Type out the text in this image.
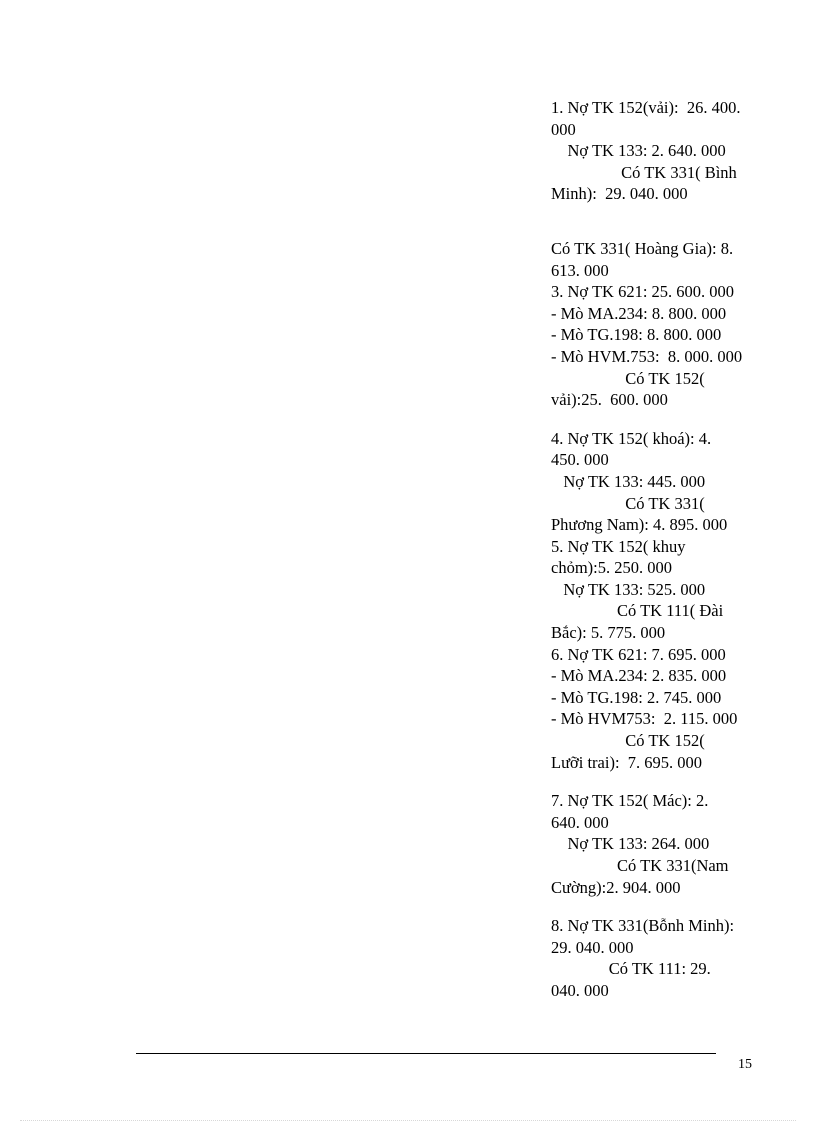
1. Nợ TK 152(vải):  26. 400.
000
Nợ TK 133: 2. 640. 000
Có TK 331( Bình
Minh):  29. 040. 000
Có TK 331( Hoàng Gia): 8.
613. 000
3. Nợ TK 621: 25. 600. 000
- Mò MA.234: 8. 800. 000
- Mò TG.198: 8. 800. 000
- Mò HVM.753:  8. 000. 000
Có TK 152(
vải):25.  600. 000
4. Nợ TK 152( khoá): 4.
450. 000
Nợ TK 133: 445. 000
Có TK 331(
Phương Nam): 4. 895. 000
5. Nợ TK 152( khuy
chỏm):5. 250. 000
Nợ TK 133: 525. 000
Có TK 111( Đài
Bắc): 5. 775. 000
6. Nợ TK 621: 7. 695. 000
- Mò MA.234: 2. 835. 000
- Mò TG.198: 2. 745. 000
- Mò HVM753:  2. 115. 000
Có TK 152(
Lưỡi trai):  7. 695. 000
7. Nợ TK 152( Mác): 2.
640. 000
Nợ TK 133: 264. 000
Có TK 331(Nam
Cường):2. 904. 000
8. Nợ TK 331(Bỗnh Minh):
29. 040. 000
Có TK 111: 29.
040. 000
15
